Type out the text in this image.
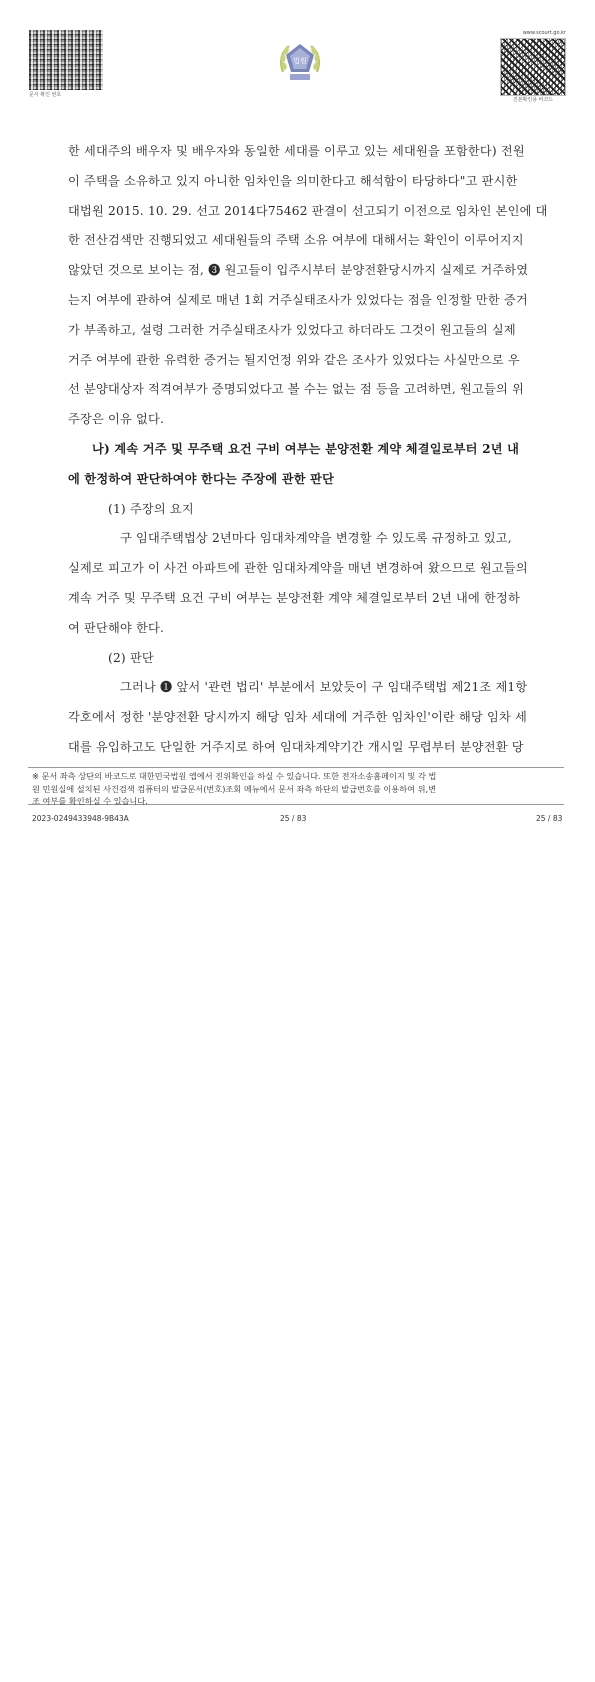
문서 확인 번호
법원
www.scourt.go.kr
진본확인용 바코드
한 세대주의 배우자 및 배우자와 동일한 세대를 이루고 있는 세대원을 포함한다) 전원
이 주택을 소유하고 있지 아니한 임차인을 의미한다고 해석함이 타당하다"고 판시한
대법원 2015. 10. 29. 선고 2014다75462 판결이 선고되기 이전으로 임차인 본인에 대
한 전산검색만 진행되었고 세대원들의 주택 소유 여부에 대해서는 확인이 이루어지지
않았던 것으로 보이는 점, ❸ 원고들이 입주시부터 분양전환당시까지 실제로 거주하였
는지 여부에 관하여 실제로 매년 1회 거주실태조사가 있었다는 점을 인정할 만한 증거
가 부족하고, 설령 그러한 거주실태조사가 있었다고 하더라도 그것이 원고들의 실제
거주 여부에 관한 유력한 증거는 될지언정 위와 같은 조사가 있었다는 사실만으로 우
선 분양대상자 적격여부가 증명되었다고 볼 수는 없는 점 등을 고려하면, 원고들의 위
주장은 이유 없다.
나) 계속 거주 및 무주택 요건 구비 여부는 분양전환 계약 체결일로부터 2년 내
에 한정하여 판단하여야 한다는 주장에 관한 판단
(1) 주장의 요지
구 임대주택법상 2년마다 임대차계약을 변경할 수 있도록 규정하고 있고,
실제로 피고가 이 사건 아파트에 관한 임대차계약을 매년 변경하여 왔으므로 원고들의
계속 거주 및 무주택 요건 구비 여부는 분양전환 계약 체결일로부터 2년 내에 한정하
여 판단해야 한다.
(2) 판단
그러나 ❶ 앞서 '관련 법리' 부분에서 보았듯이 구 임대주택법 제21조 제1항
각호에서 정한 '분양전환 당시까지 해당 임차 세대에 거주한 임차인'이란 해당 임차 세
대를 유입하고도 단일한 거주지로 하여 임대차계약기간 개시일 무렵부터 분양전환 당
※ 문서 좌측 상단의 바코드로 대한민국법원 앱에서 진위확인을 하실 수 있습니다. 또한 전자소송홈페이지 및 각 법
원 민원실에 설치된 사건검색 컴퓨터의 발급문서(번호)조회 메뉴에서 문서 좌측 하단의 발급번호를 이용하여 위,변
조 여부를 확인하실 수 있습니다.
2023-0249433948-9B43A	25 / 83	25 / 83
